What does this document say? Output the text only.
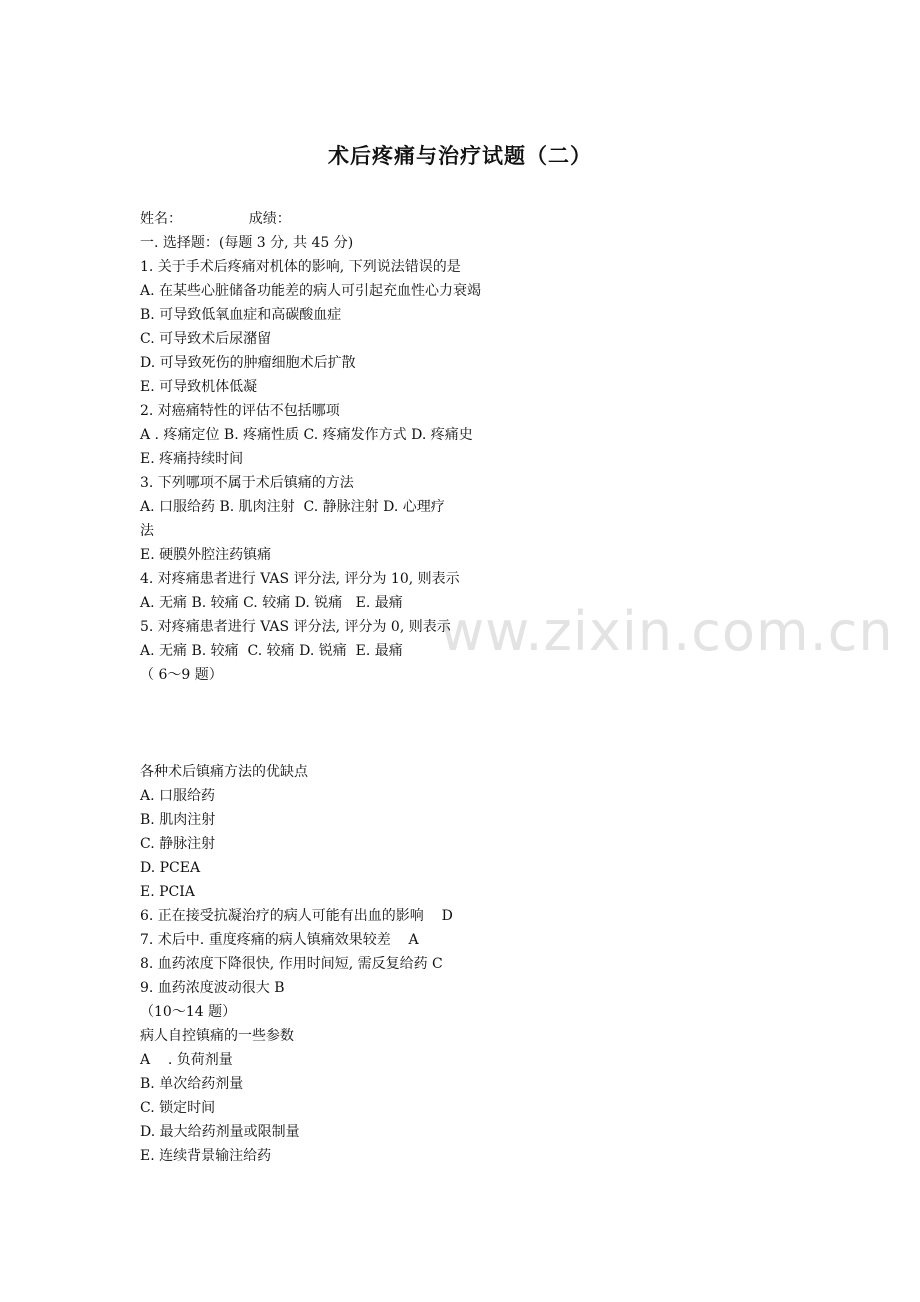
ww.zixin.com.cn
术后疼痛与治疗试题（二）
姓名：               成绩：
一. 选择题：(每题 3 分, 共 45 分)
1. 关于手术后疼痛对机体的影响, 下列说法错误的是
A. 在某些心脏储备功能差的病人可引起充血性心力衰竭
B. 可导致低氧血症和高碳酸血症
C. 可导致术后尿潴留
D. 可导致死伤的肿瘤细胞术后扩散
E. 可导致机体低凝
2. 对癌痛特性的评估不包括哪项
A . 疼痛定位 B. 疼痛性质 C. 疼痛发作方式 D. 疼痛史
E. 疼痛持续时间
3. 下列哪项不属于术后镇痛的方法
A. 口服给药 B. 肌肉注射  C. 静脉注射 D. 心理疗
法
E. 硬膜外腔注药镇痛
4. 对疼痛患者进行 VAS 评分法, 评分为 10, 则表示
A. 无痛 B. 较痛 C. 较痛 D. 锐痛   E. 最痛
5. 对疼痛患者进行 VAS 评分法, 评分为 0, 则表示
A. 无痛 B. 较痛  C. 较痛 D. 锐痛  E. 最痛
（ 6～9 题）
各种术后镇痛方法的优缺点
A. 口服给药
B. 肌肉注射
C. 静脉注射
D. PCEA
E. PCIA
6. 正在接受抗凝治疗的病人可能有出血的影响    D
7. 术后中. 重度疼痛的病人镇痛效果较差    A
8. 血药浓度下降很快, 作用时间短, 需反复给药 C
9. 血药浓度波动很大 B
（10～14 题）
病人自控镇痛的一些参数
A    . 负荷剂量
B. 单次给药剂量
C. 锁定时间
D. 最大给药剂量或限制量
E. 连续背景输注给药
